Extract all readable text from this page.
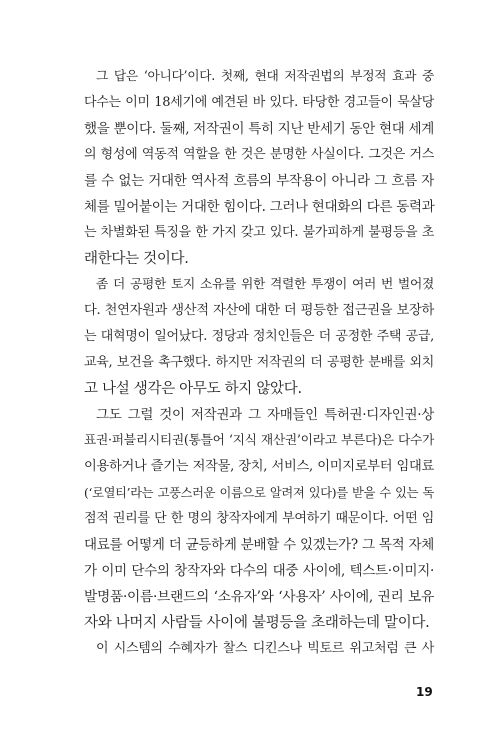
그 답은 ‘아니다’이다. 첫째, 현대 저작권법의 부정적 효과 중
다수는 이미 18세기에 예견된 바 있다. 타당한 경고들이 묵살당
했을 뿐이다. 둘째, 저작권이 특히 지난 반세기 동안 현대 세계
의 형성에 역동적 역할을 한 것은 분명한 사실이다. 그것은 거스
를 수 없는 거대한 역사적 흐름의 부작용이 아니라 그 흐름 자
체를 밀어붙이는 거대한 힘이다. 그러나 현대화의 다른 동력과
는 차별화된 특징을 한 가지 갖고 있다. 불가피하게 불평등을 초
래한다는 것이다.
좀 더 공평한 토지 소유를 위한 격렬한 투쟁이 여러 번 벌어졌
다. 천연자원과 생산적 자산에 대한 더 평등한 접근권을 보장하
는 대혁명이 일어났다. 정당과 정치인들은 더 공정한 주택 공급,
교육, 보건을 촉구했다. 하지만 저작권의 더 공평한 분배를 외치
고 나설 생각은 아무도 하지 않았다.
그도 그럴 것이 저작권과 그 자매들인 특허권·디자인권·상
표권·퍼블리시티권(통틀어 ‘지식 재산권’이라고 부른다)은 다수가
이용하거나 즐기는 저작물, 장치, 서비스, 이미지로부터 임대료
(‘로열티’라는 고풍스러운 이름으로 알려져 있다)를 받을 수 있는 독
점적 권리를 단 한 명의 창작자에게 부여하기 때문이다. 어떤 임
대료를 어떻게 더 균등하게 분배할 수 있겠는가? 그 목적 자체
가 이미 단수의 창작자와 다수의 대중 사이에, 텍스트·이미지·
발명품·이름·브랜드의 ‘소유자’와 ‘사용자’ 사이에, 권리 보유
자와 나머지 사람들 사이에 불평등을 초래하는데 말이다.
이 시스템의 수혜자가 찰스 디킨스나 빅토르 위고처럼 큰 사
19
